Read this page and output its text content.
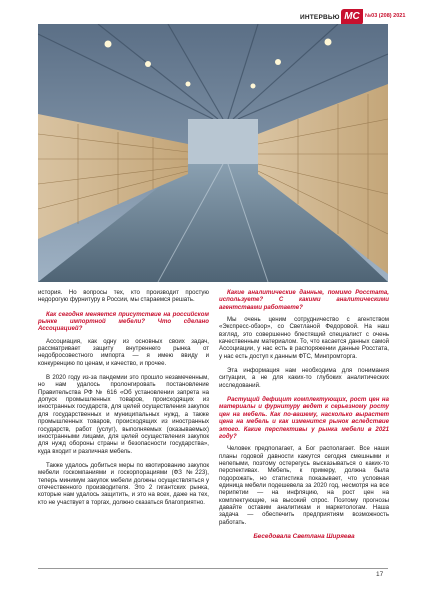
ИНТЕРВЬЮ МС №03 (208) 2021

история. Но вопросы тех, кто производит простую недорогую фурнитуру в России, мы стараемся решать.

Как сегодня меняется присутствие на российском рынке импортной мебели? Что сделано Ассоциацией?

Ассоциация, как одну из основных своих задач, рассматривает защиту внутреннего рынка от недобросовестного импорта — я имею ввиду и конкуренцию по ценам, и качество, и прочее.

В 2020 году из-за пандемии это прошло незамеченным, но нам удалось пролонгировать постановление Правительства РФ № 616 «Об установлении запрета на допуск промышленных товаров, происходящих из иностранных государств, для целей осуществления закупок для государственных и муниципальных нужд, а также промышленных товаров, происходящих из иностранных государств, работ (услуг), выполняемых (оказываемых) иностранными лицами, для целей осуществления закупок для нужд обороны страны и безопасности государства», куда входит и различная мебель.

Также удалось добиться меры по квотированию закупок мебели госкомпаниями и госкорпорациями (ФЗ №223), теперь минимум закупок мебели должны осуществляться у отечественного производителя. Это 2 гигантских рынка, которые нам удалось защитить, и это на всех, даже на тех, кто не участвует в торгах, должно сказаться благоприятно.

Какие аналитические данные, помимо Росстата, используете? С какими аналитическими агентствами работаете?

Мы очень ценим сотрудничество с агентством «Экспресс-обзор», со Светланой Федоровой. На наш взгляд, это совершенно блестящий специалист с очень качественным материалом. То, что касается данных самой Ассоциации, у нас есть в распоряжении данные Росстата, у нас есть доступ к данным ФТС, Минпромторга.

Эта информация нам необходима для понимания ситуации, а не для каких-то глубоких аналитических исследований.

Растущий дефицит комплектующих, рост цен на материалы и фурнитуру ведет к серьезному росту цен на мебель. Как по-вашему, насколько вырастет цена на мебель и как изменится рынок вследствие этого. Какие перспективы у рынка мебели в 2021 году?

Человек предполагает, а Бог располагает. Все наши планы годовой давности кажутся сегодня смешными и нелепыми, поэтому остерегусь высказываться о каких-то перспективах. Мебель, к примеру, должна была подорожать, но статистика показывает, что условная единица мебели подешевела за 2020 год, несмотря на все перипетии — на инфляцию, на рост цен на комплектующие, на высокий спрос. Поэтому прогнозы давайте оставим аналитикам и маркетологам. Наша задача — обеспечить предприятиям возможность работать.

Беседовала Светлана Ширяева
17
